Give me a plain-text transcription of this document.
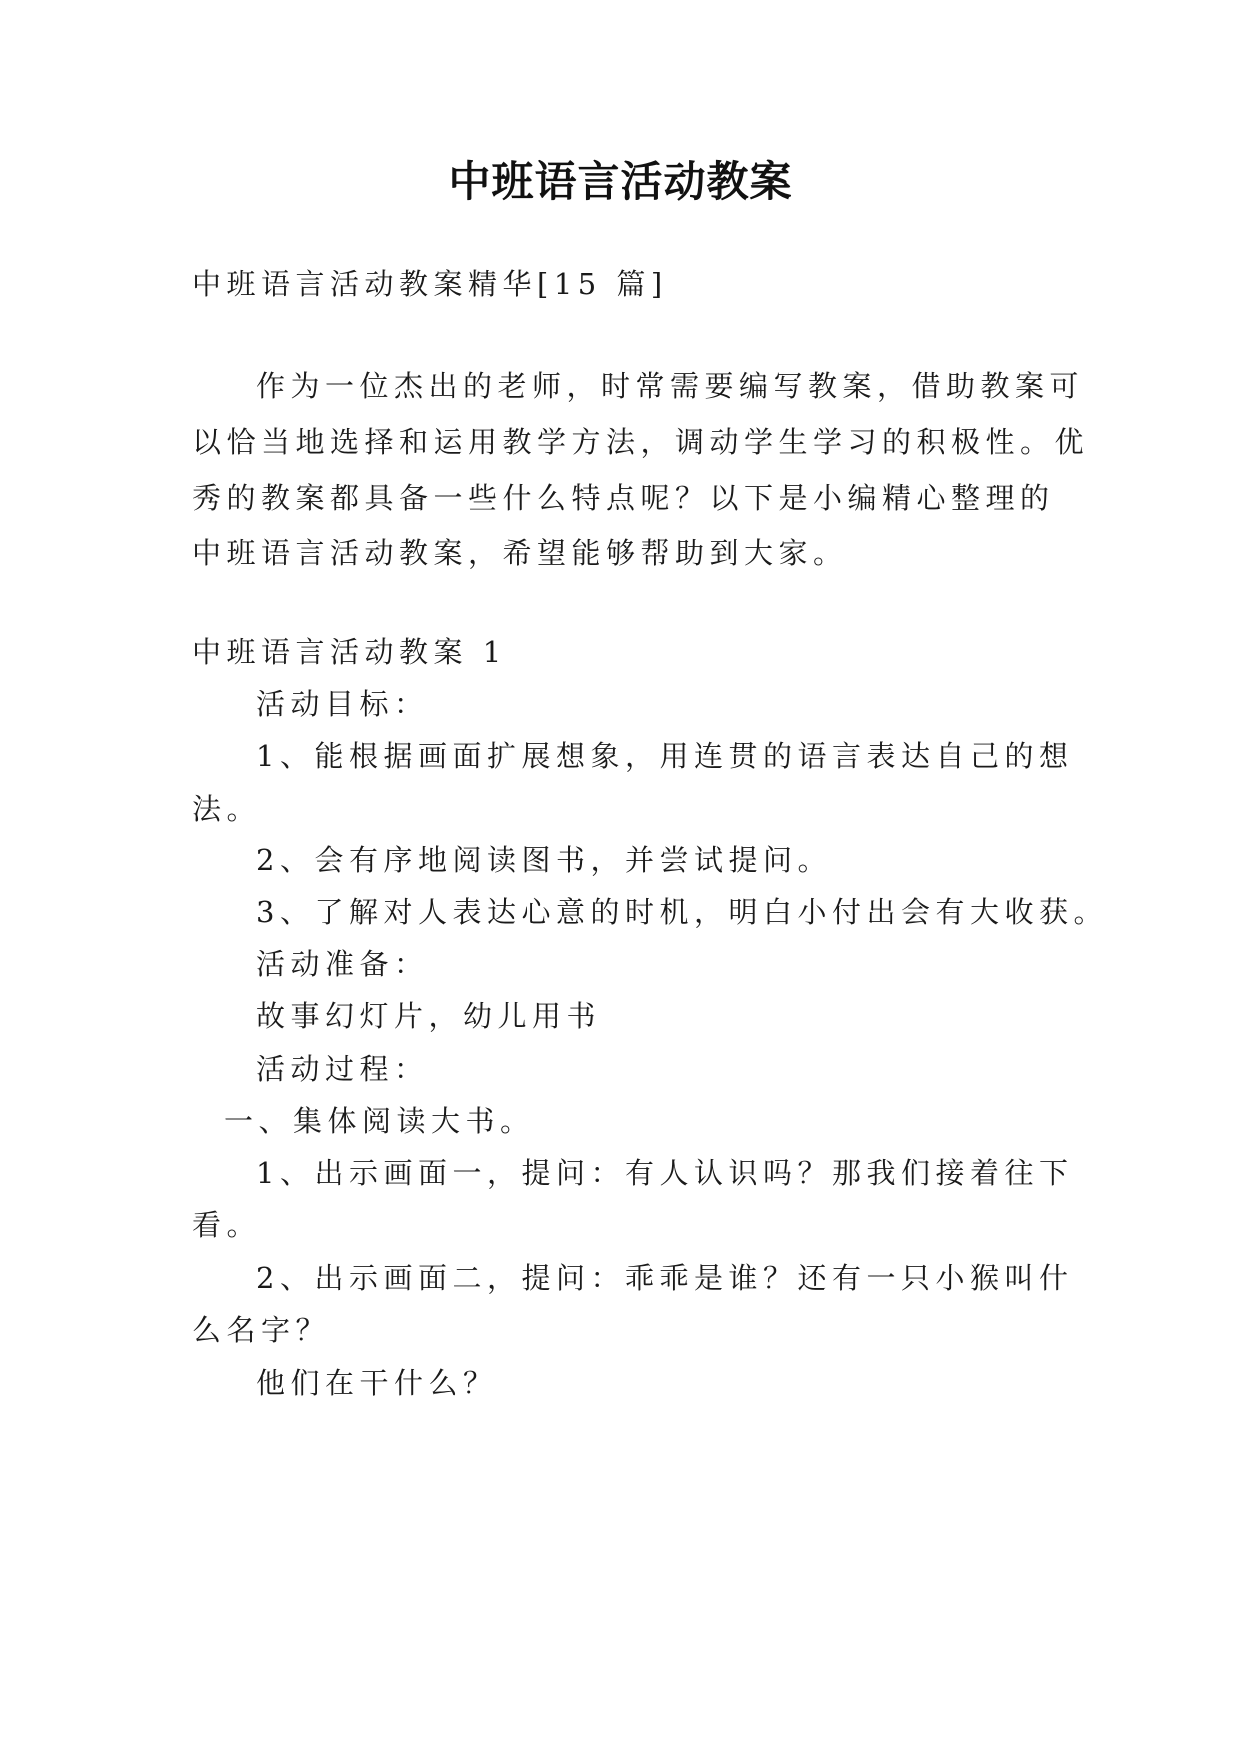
中班语言活动教案
中班语言活动教案精华[15 篇]
作为一位杰出的老师，时常需要编写教案，借助教案可
以恰当地选择和运用教学方法，调动学生学习的积极性。优
秀的教案都具备一些什么特点呢？以下是小编精心整理的
中班语言活动教案，希望能够帮助到大家。
中班语言活动教案 1
活动目标：
1、能根据画面扩展想象，用连贯的语言表达自己的想
法。
2、会有序地阅读图书，并尝试提问。
3、了解对人表达心意的时机，明白小付出会有大收获。
活动准备：
故事幻灯片，幼儿用书
活动过程：
一、集体阅读大书。
1、出示画面一，提问：有人认识吗？那我们接着往下
看。
2、出示画面二，提问：乖乖是谁？还有一只小猴叫什
么名字？
他们在干什么？
